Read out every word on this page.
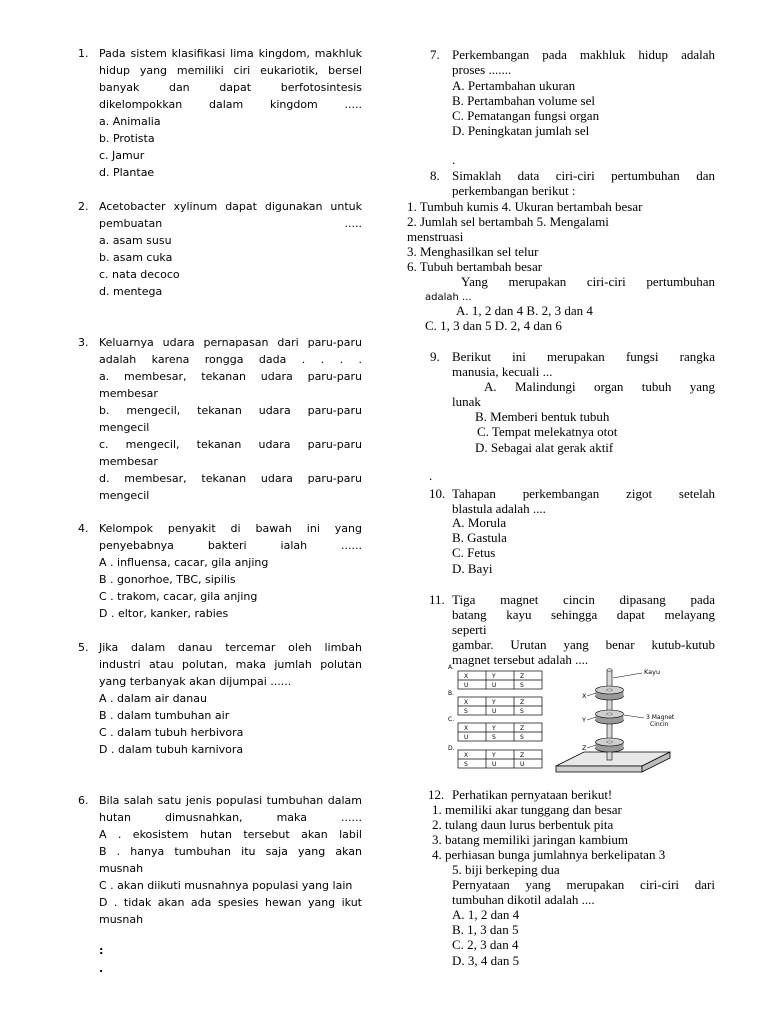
1. Pada sistem klasifikasi lima kingdom, makhluk
hidup yang memiliki ciri eukariotik, bersel
banyak dan dapat berfotosintesis
dikelompokkan dalam kingdom .....
a. Animalia
b. Protista
c. Jamur
d. Plantae
2. Acetobacter xylinum dapat digunakan untuk
pembuatan .....
a. asam susu
b. asam cuka
c. nata decoco
d. mentega
3. Keluarnya udara pernapasan dari paru-paru
adalah karena rongga dada . . . .
a. membesar, tekanan udara paru-paru
membesar
b. mengecil, tekanan udara paru-paru
mengecil
c. mengecil, tekanan udara paru-paru
membesar
d. membesar, tekanan udara paru-paru
mengecil
4. Kelompok penyakit di bawah ini yang
penyebabnya bakteri ialah ......
A . influensa, cacar, gila anjing
B . gonorhoe, TBC, sipilis
C . trakom, cacar, gila anjing
D . eltor, kanker, rabies
5. Jika dalam danau tercemar oleh limbah
industri atau polutan, maka jumlah polutan
yang terbanyak akan dijumpai ......
A . dalam air danau
B . dalam tumbuhan air
C . dalam tubuh herbivora
D . dalam tubuh karnivora
6. Bila salah satu jenis populasi tumbuhan dalam
hutan dimusnahkan, maka ......
A . ekosistem hutan tersebut akan labil
B . hanya tumbuhan itu saja yang akan
musnah
C . akan diikuti musnahnya populasi yang lain
D . tidak akan ada spesies hewan yang ikut
musnah
:
.
7. Perkembangan pada makhluk hidup adalah
proses .......
A. Pertambahan ukuran
B. Pertambahan volume sel
C. Pematangan fungsi organ
D. Peningkatan jumlah sel
.
8. Simaklah data ciri-ciri pertumbuhan dan
perkembangan berikut :
1. Tumbuh kumis 4. Ukuran bertambah besar
2. Jumlah sel bertambah 5. Mengalami
menstruasi
3. Menghasilkan sel telur
6. Tubuh bertambah besar
Yang merupakan ciri-ciri pertumbuhan
adalah ...
A. 1, 2 dan 4 B. 2, 3 dan 4
C. 1, 3 dan 5 D. 2, 4 dan 6
9. Berikut ini merupakan fungsi rangka
manusia, kecuali ...
A. Malindungi organ tubuh yang
lunak
B. Memberi bentuk tubuh
C. Tempat melekatnya otot
D. Sebagai alat gerak aktif
.
10. Tahapan perkembangan zigot setelah
blastula adalah ....
A. Morula
B. Gastula
C. Fetus
D. Bayi
11. Tiga magnet cincin dipasang pada
batang kayu sehingga dapat melayang
seperti
gambar. Urutan yang benar kutub-kutub
magnet tersebut adalah ....
12. Perhatikan pernyataan berikut!
1. memiliki akar tunggang dan besar
2. tulang daun lurus berbentuk pita
3. batang memiliki jaringan kambium
4. perhiasan bunga jumlahnya berkelipatan 3
5. biji berkeping dua
Pernyataan yang merupakan ciri-ciri dari
tumbuhan dikotil adalah ....
A. 1, 2 dan 4
B. 1, 3 dan 5
C. 2, 3 dan 4
D. 3, 4 dan 5
A.
B.
C.
D.
X	Y	Z
U	U	S
X	Y	Z
S	U	S
X	Y	Z
U	S	S
X	Y	Z
S	U	U
X
Y
Z
Kayu
3 Magnet
Cincin
